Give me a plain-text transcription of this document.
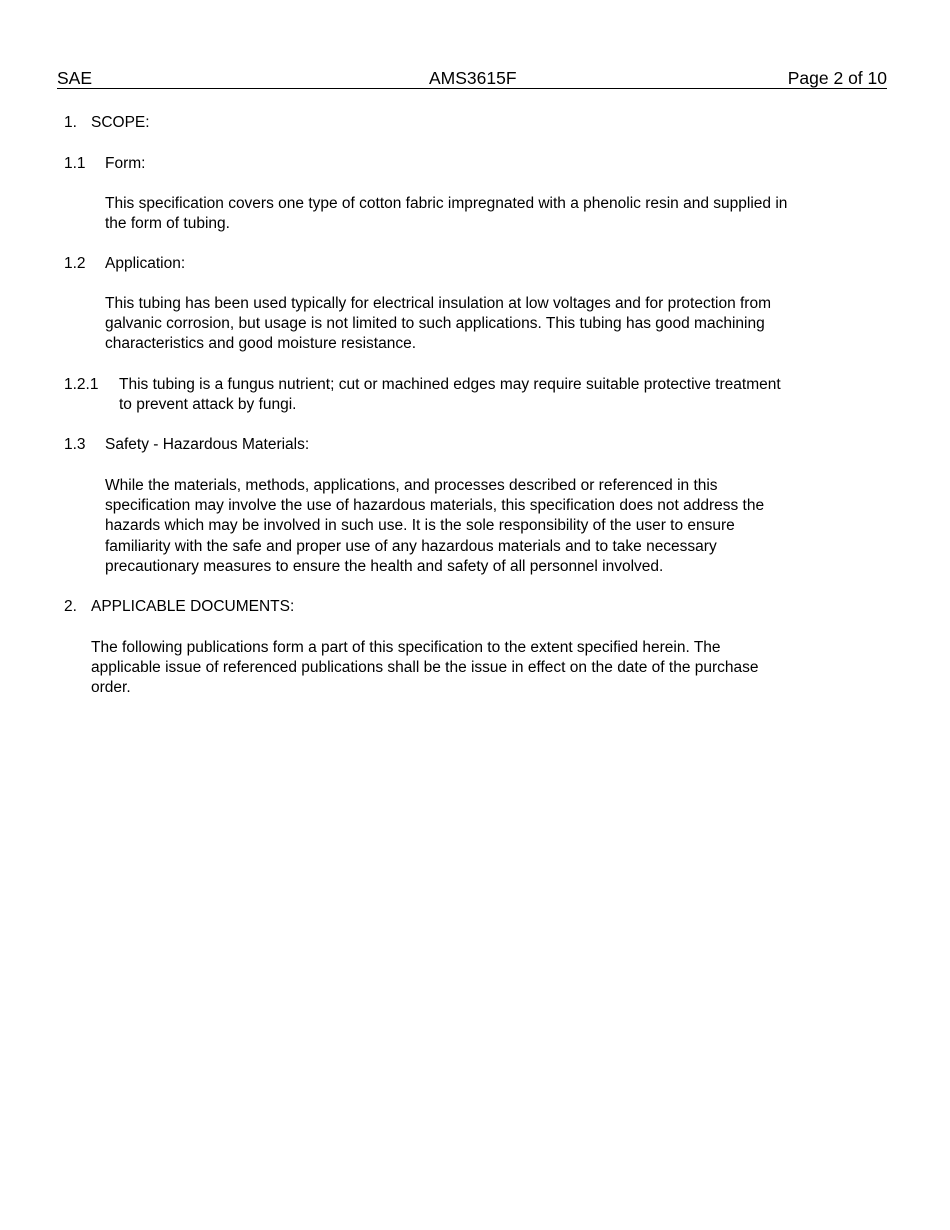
SAE	AMS3615F	Page 2 of 10
1. SCOPE:
1.1 Form:
This specification covers one type of cotton fabric impregnated with a phenolic resin and supplied in
the form of tubing.
1.2 Application:
This tubing has been used typically for electrical insulation at low voltages and for protection from
galvanic corrosion, but usage is not limited to such applications. This tubing has good machining
characteristics and good moisture resistance.
1.2.1 This tubing is a fungus nutrient; cut or machined edges may require suitable protective treatment
to prevent attack by fungi.
1.3 Safety - Hazardous Materials:
While the materials, methods, applications, and processes described or referenced in this
specification may involve the use of hazardous materials, this specification does not address the
hazards which may be involved in such use. It is the sole responsibility of the user to ensure
familiarity with the safe and proper use of any hazardous materials and to take necessary
precautionary measures to ensure the health and safety of all personnel involved.
2. APPLICABLE DOCUMENTS:
The following publications form a part of this specification to the extent specified herein. The
applicable issue of referenced publications shall be the issue in effect on the date of the purchase
order.
